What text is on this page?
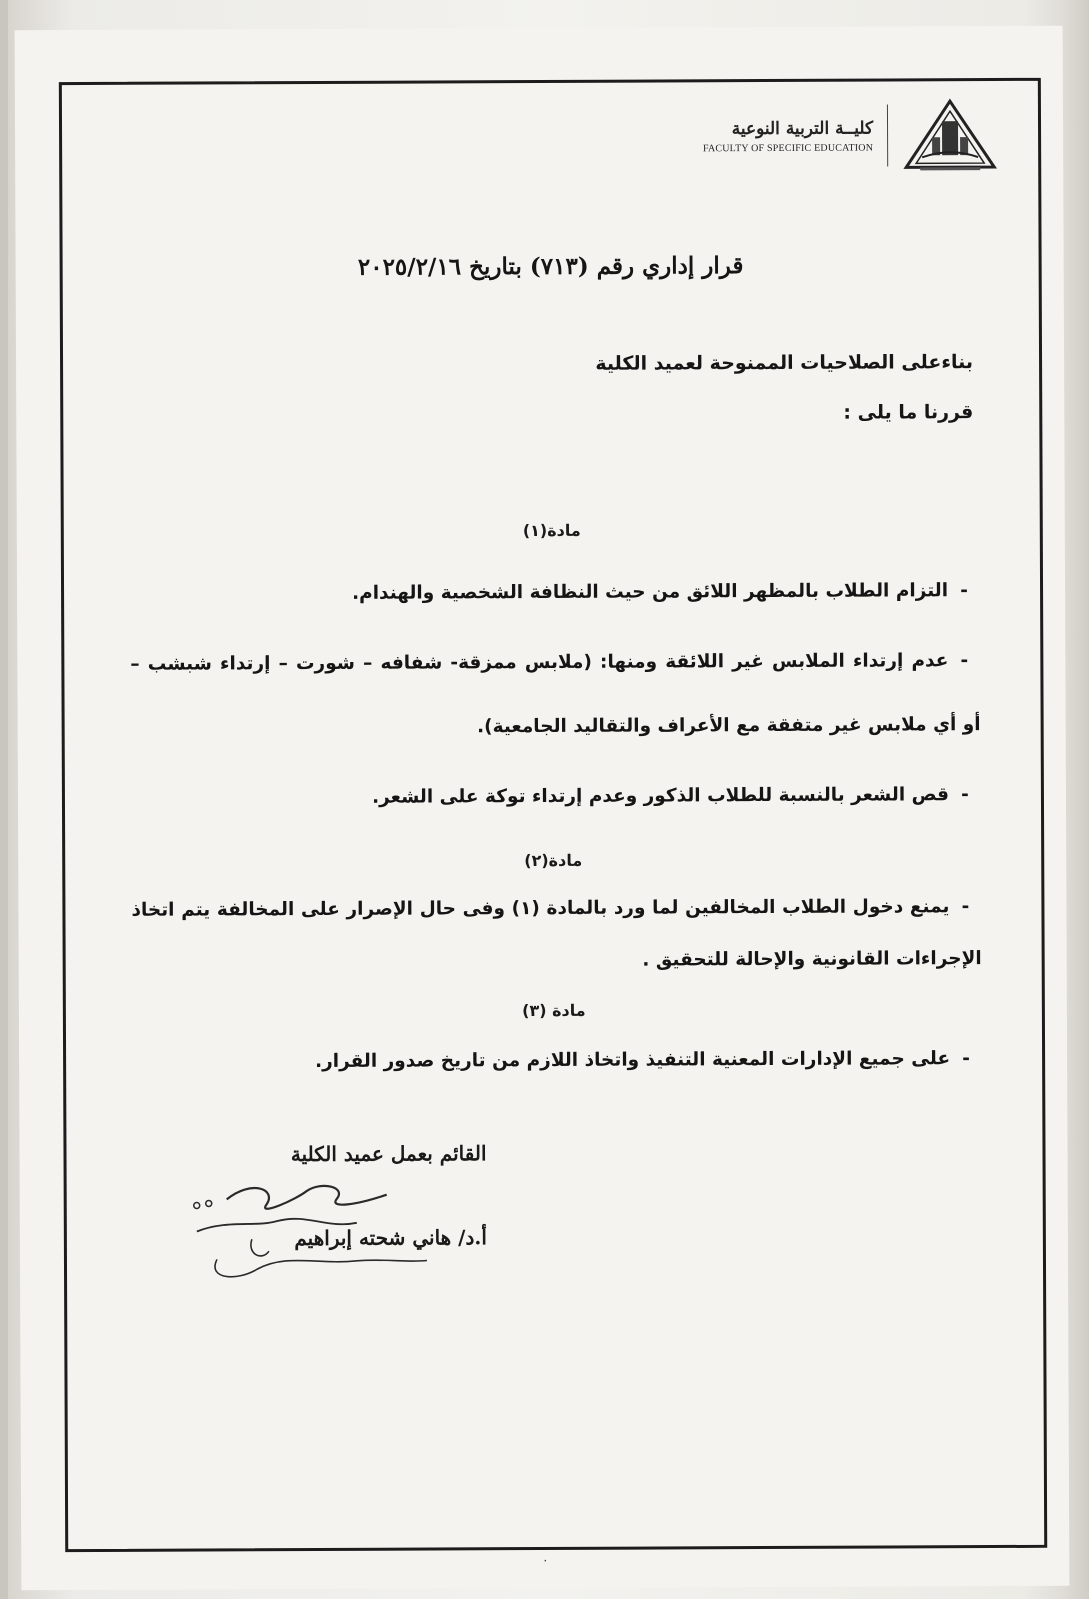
كليــة التربية النوعية
FACULTY OF SPECIFIC EDUCATION
قرار إداري رقم (٧١٣) بتاريخ ٢٠٢٥/٢/١٦
بناءعلى الصلاحيات الممنوحة لعميد الكلية
قررنا ما يلى :
مادة(١)
-التزام الطلاب بالمظهر اللائق من حيث النظافة الشخصية والهندام.
-عدم إرتداء الملابس غير اللائقة ومنها: (ملابس ممزقة- شفافه – شورت – إرتداء شبشب – أو أي ملابس غير متفقة مع الأعراف والتقاليد الجامعية).
-قص الشعر بالنسبة للطلاب الذكور وعدم إرتداء توكة على الشعر.
مادة(٢)
-يمنع دخول الطلاب المخالفين لما ورد بالمادة (١) وفى حال الإصرار على المخالفة يتم اتخاذ الإجراءات القانونية والإحالة للتحقيق .
مادة (٣)
-على جميع الإدارات المعنية التنفيذ واتخاذ اللازم من تاريخ صدور القرار.
القائم بعمل عميد الكلية
أ.د/ هاني شحته إبراهيم
٠
